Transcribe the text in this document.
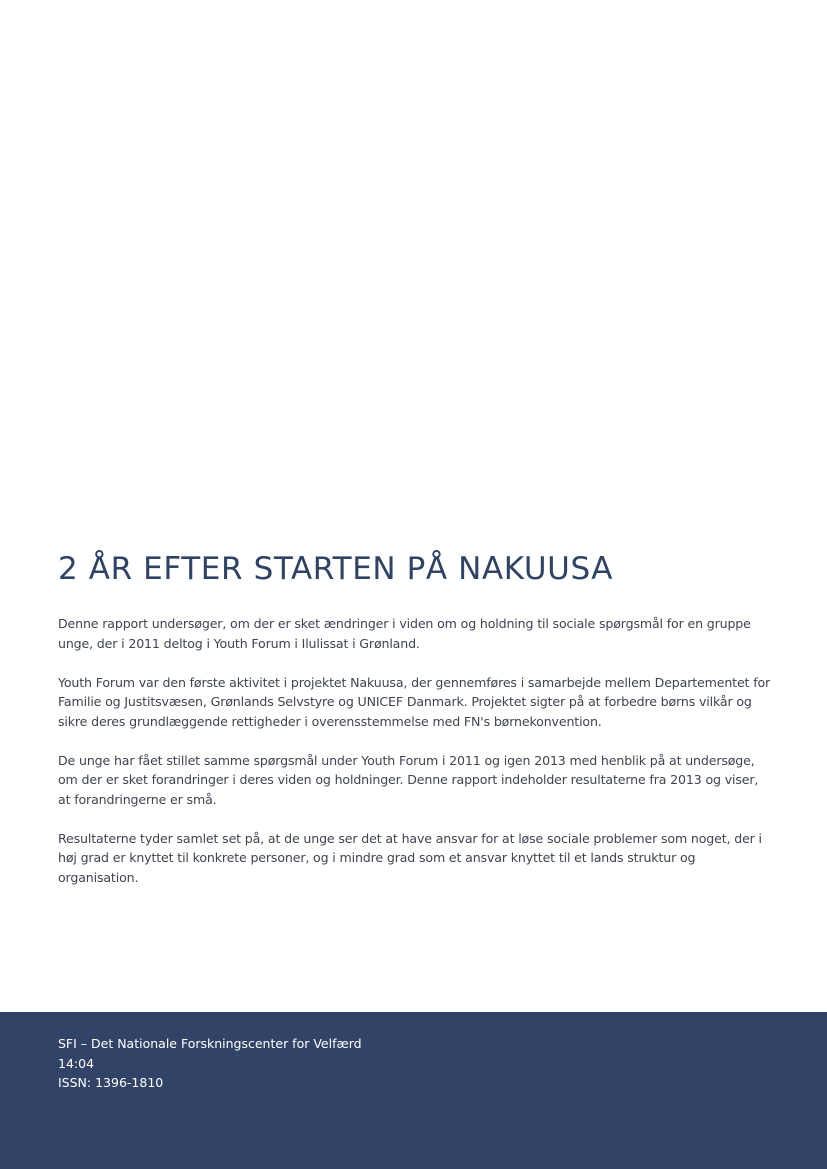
2 ÅR EFTER STARTEN PÅ NAKUUSA

Denne rapport undersøger, om der er sket ændringer i viden om og holdning til sociale spørgsmål for en gruppe unge, der i 2011 deltog i Youth Forum i Ilulissat i Grønland.

Youth Forum var den første aktivitet i projektet Nakuusa, der gennemføres i samarbejde mellem Departementet for Familie og Justitsvæsen, Grønlands Selvstyre og UNICEF Danmark. Projektet sigter på at forbedre børns vilkår og sikre deres grundlæggende rettigheder i overensstemmelse med FN's børnekonvention.

De unge har fået stillet samme spørgsmål under Youth Forum i 2011 og igen 2013 med henblik på at undersøge, om der er sket forandringer i deres viden og holdninger. Denne rapport indeholder resultaterne fra 2013 og viser, at forandringerne er små.

Resultaterne tyder samlet set på, at de unge ser det at have ansvar for at løse sociale problemer som noget, der i høj grad er knyttet til konkrete personer, og i mindre grad som et ansvar knyttet til et lands struktur og organisation.

SFI – Det Nationale Forskningscenter for Velfærd
14:04
ISSN: 1396-1810
